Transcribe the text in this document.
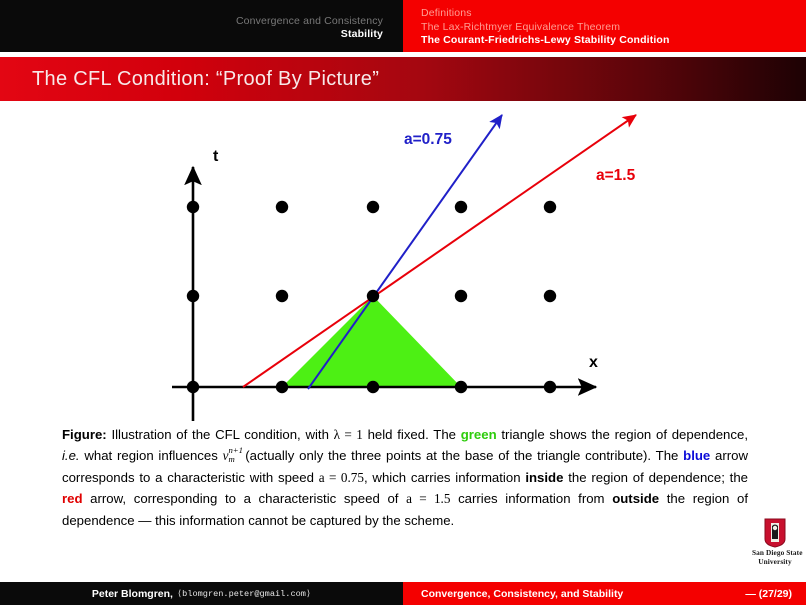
Convergence and Consistency
Stability
Definitions
The Lax-Richtmyer Equivalence Theorem
The Courant-Friedrichs-Lewy Stability Condition
The CFL Condition: “Proof By Picture”
t
x
a=0.75
a=1.5
Figure: Illustration of the CFL condition, with λ = 1 held fixed. The green triangle shows the region of dependence, i.e. what region influences v n+1
m (actually only the three points at the base of the triangle contribute). The blue arrow corresponds to a characteristic with speed a = 0.75, which carries information inside the region of dependence; the red arrow, corresponding to a characteristic speed of a = 1.5 carries information from outside the region of dependence — this information cannot be captured by the scheme.
San Diego State
University
Peter Blomgren, ⟨blomgren.peter@gmail.com⟩	Convergence, Consistency, and Stability	— (27/29)
